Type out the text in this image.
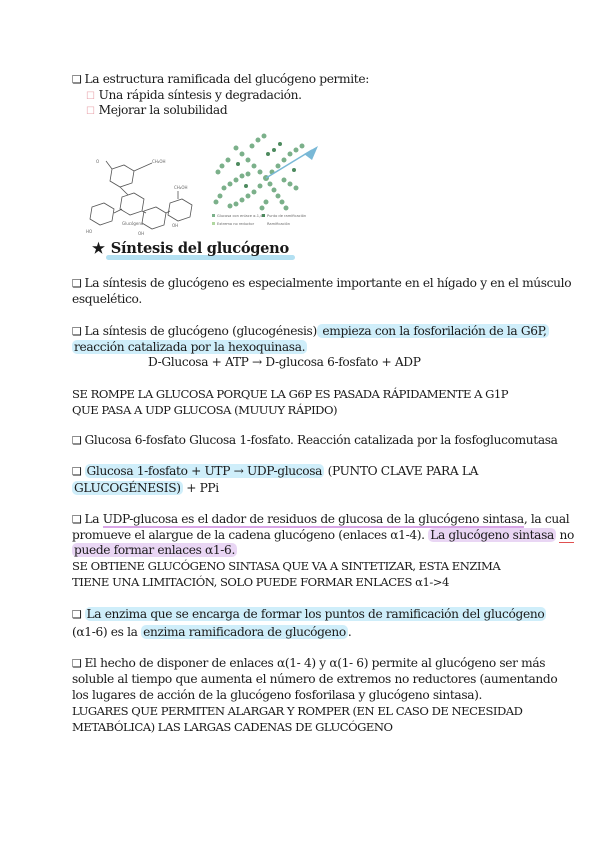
❑ La estructura ramificada del glucógeno permite:
☐ Una rápida síntesis y degradación.
☐ Mejorar la solubilidad
CH₂OH
O
CH₂OH
HO	OH
OH
Glucógeno
Glucosa con enlace α-1,4 Punto de ramificación
Extremo no reductor	Ramificación
★ Síntesis del glucógeno
❑ La síntesis de glucógeno es especialmente importante en el hígado y en el músculo
esquelético.
❑ La síntesis de glucógeno (glucogénesis) empieza con la fosforilación de la G6P,
reacción catalizada por la hexoquinasa.
D-Glucosa + ATP → D-glucosa 6-fosfato + ADP
SE ROMPE LA GLUCOSA PORQUE LA G6P ES PASADA RÁPIDAMENTE A G1P
QUE PASA A UDP GLUCOSA (MUUUY RÁPIDO)
❑ Glucosa 6-fosfato Glucosa 1-fosfato. Reacción catalizada por la fosfoglucomutasa
❑ Glucosa 1-fosfato + UTP → UDP-glucosa (PUNTO CLAVE PARA LA
GLUCOGÉNESIS) + PPi
❑ La UDP-glucosa es el dador de residuos de glucosa de la glucógeno sintasa, la cual
promueve el alargue de la cadena glucógeno (enlaces α1-4). La glucógeno sintasa no
puede formar enlaces α1-6.
SE OBTIENE GLUCÓGENO SINTASA QUE VA A SINTETIZAR, ESTA ENZIMA
TIENE UNA LIMITACIÓN, SOLO PUEDE FORMAR ENLACES α1->4
❑ La enzima que se encarga de formar los puntos de ramificación del glucógeno
(α1-6) es la enzima ramificadora de glucógeno .
❑ El hecho de disponer de enlaces α(1- 4) y α(1- 6) permite al glucógeno ser más
soluble al tiempo que aumenta el número de extremos no reductores (aumentando
los lugares de acción de la glucógeno fosforilasa y glucógeno sintasa).
LUGARES QUE PERMITEN ALARGAR Y ROMPER (EN EL CASO DE NECESIDAD
METABÓLICA) LAS LARGAS CADENAS DE GLUCÓGENO
